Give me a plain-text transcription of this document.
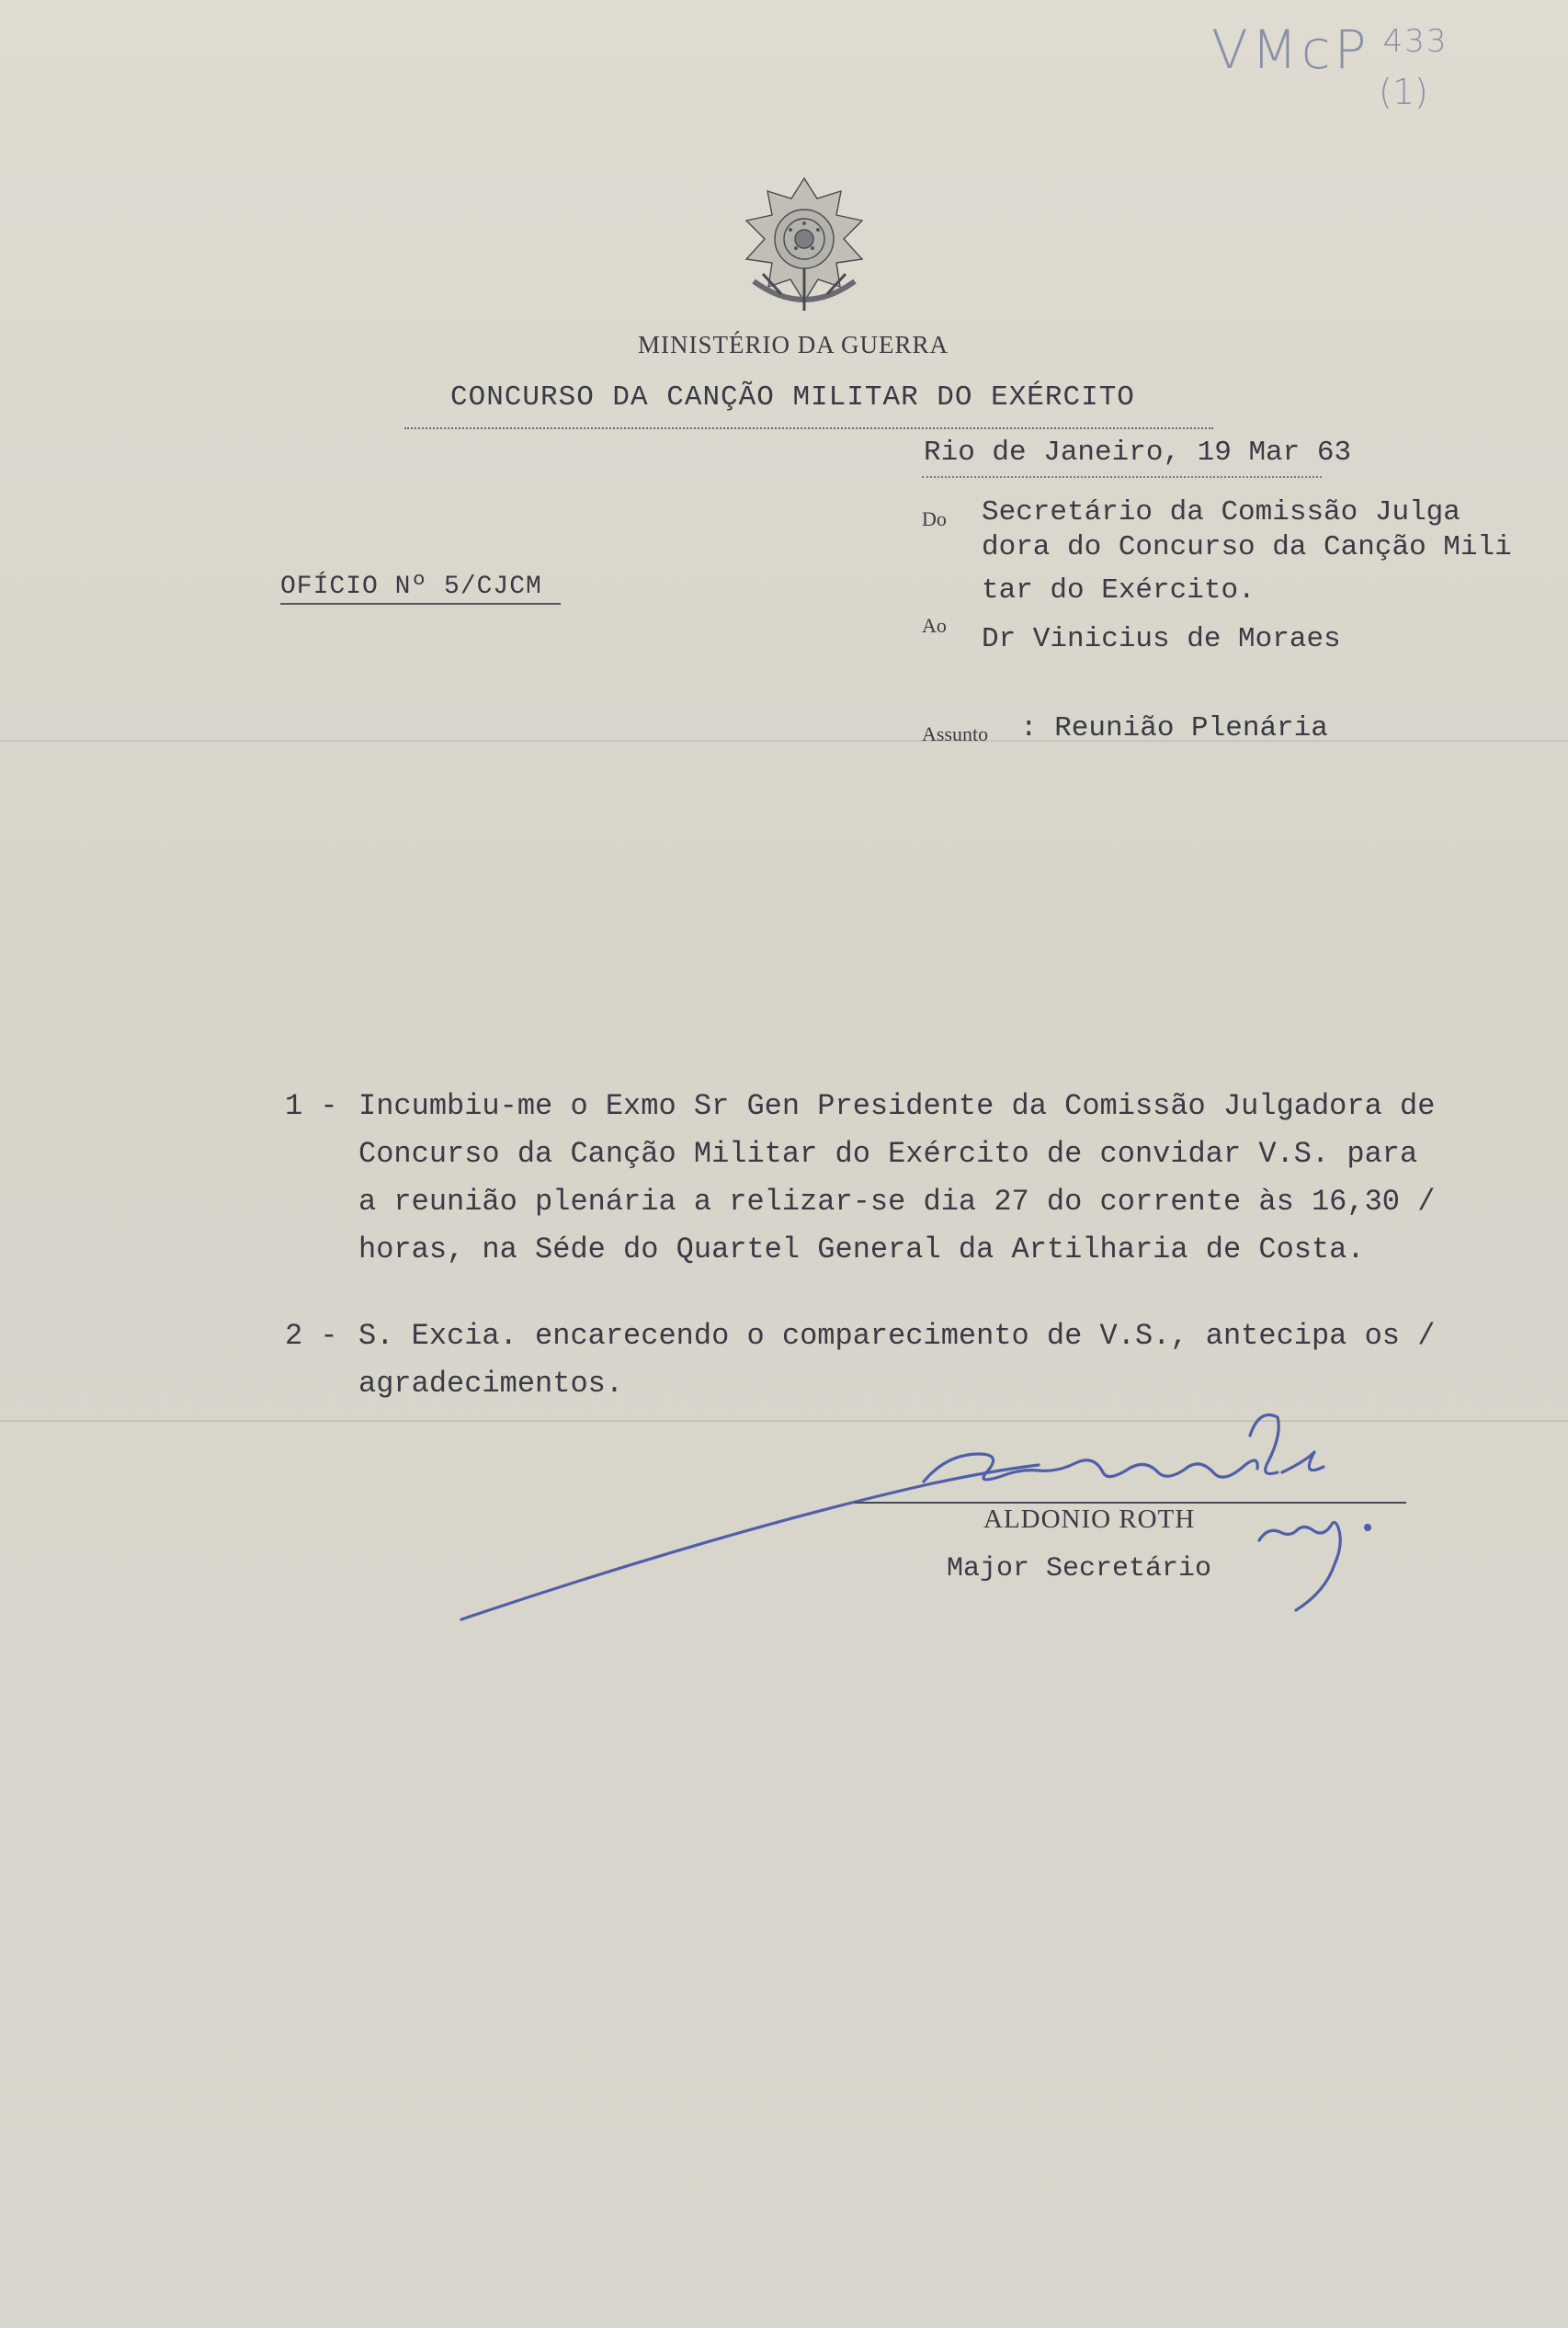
VMcP $^{433}$
(1)
MINISTÉRIO DA GUERRA
CONCURSO DA CANÇÃO MILITAR DO EXÉRCITO
Rio de Janeiro, 19 Mar 63
Do Secretário da Comissão Julga
dora do Concurso da Canção Mili
tar do Exército.
OFÍCIO Nº 5/CJCM
Ao Dr Vinicius de Moraes
Assunto : Reunião Plenária
1 - Incumbiu-me o Exmo Sr Gen Presidente da Comissão Julgadora de
Concurso da Canção Militar do Exército de convidar V.S. para
a reunião plenária a relizar-se dia 27 do corrente às 16,30 /
horas, na Séde do Quartel General da Artilharia de Costa.
2 - S. Excia. encarecendo o comparecimento de V.S., antecipa os /
agradecimentos.
ALDONIO ROTH
Major Secretário
